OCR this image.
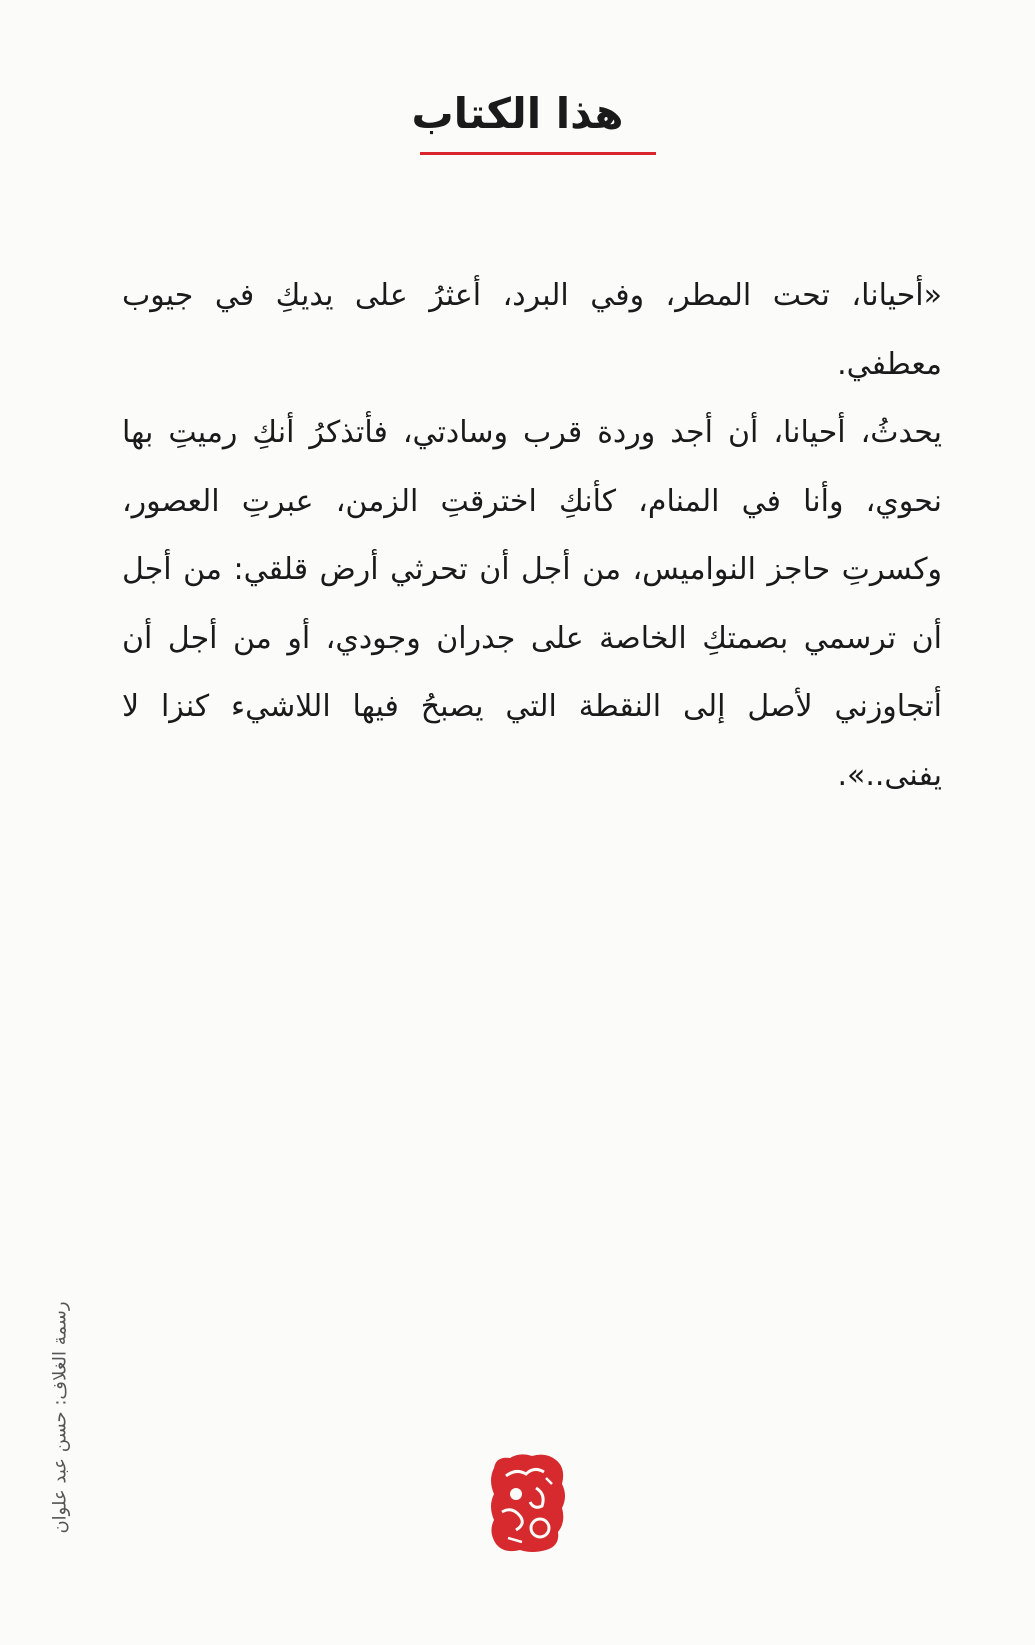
هذا الكتاب

«أحيانا، تحت المطر، وفي البرد، أعثرُ على يديكِ في جيوب معطفي.

يحدثُ، أحيانا، أن أجد وردة قرب وسادتي، فأتذكرُ أنكِ رميتِ بها نحوي، وأنا في المنام، كأنكِ اخترقتِ الزمن، عبرتِ العصور، وكسرتِ حاجز النواميس، من أجل أن تحرثي أرض قلقي: من أجل أن ترسمي بصمتكِ الخاصة على جدران وجودي، أو من أجل أن أتجاوزني لأصل إلى النقطة التي يصبحُ فيها اللاشيء كنزا لا يفنى..».

رسمة الغلاف: حسن عبد علوان
